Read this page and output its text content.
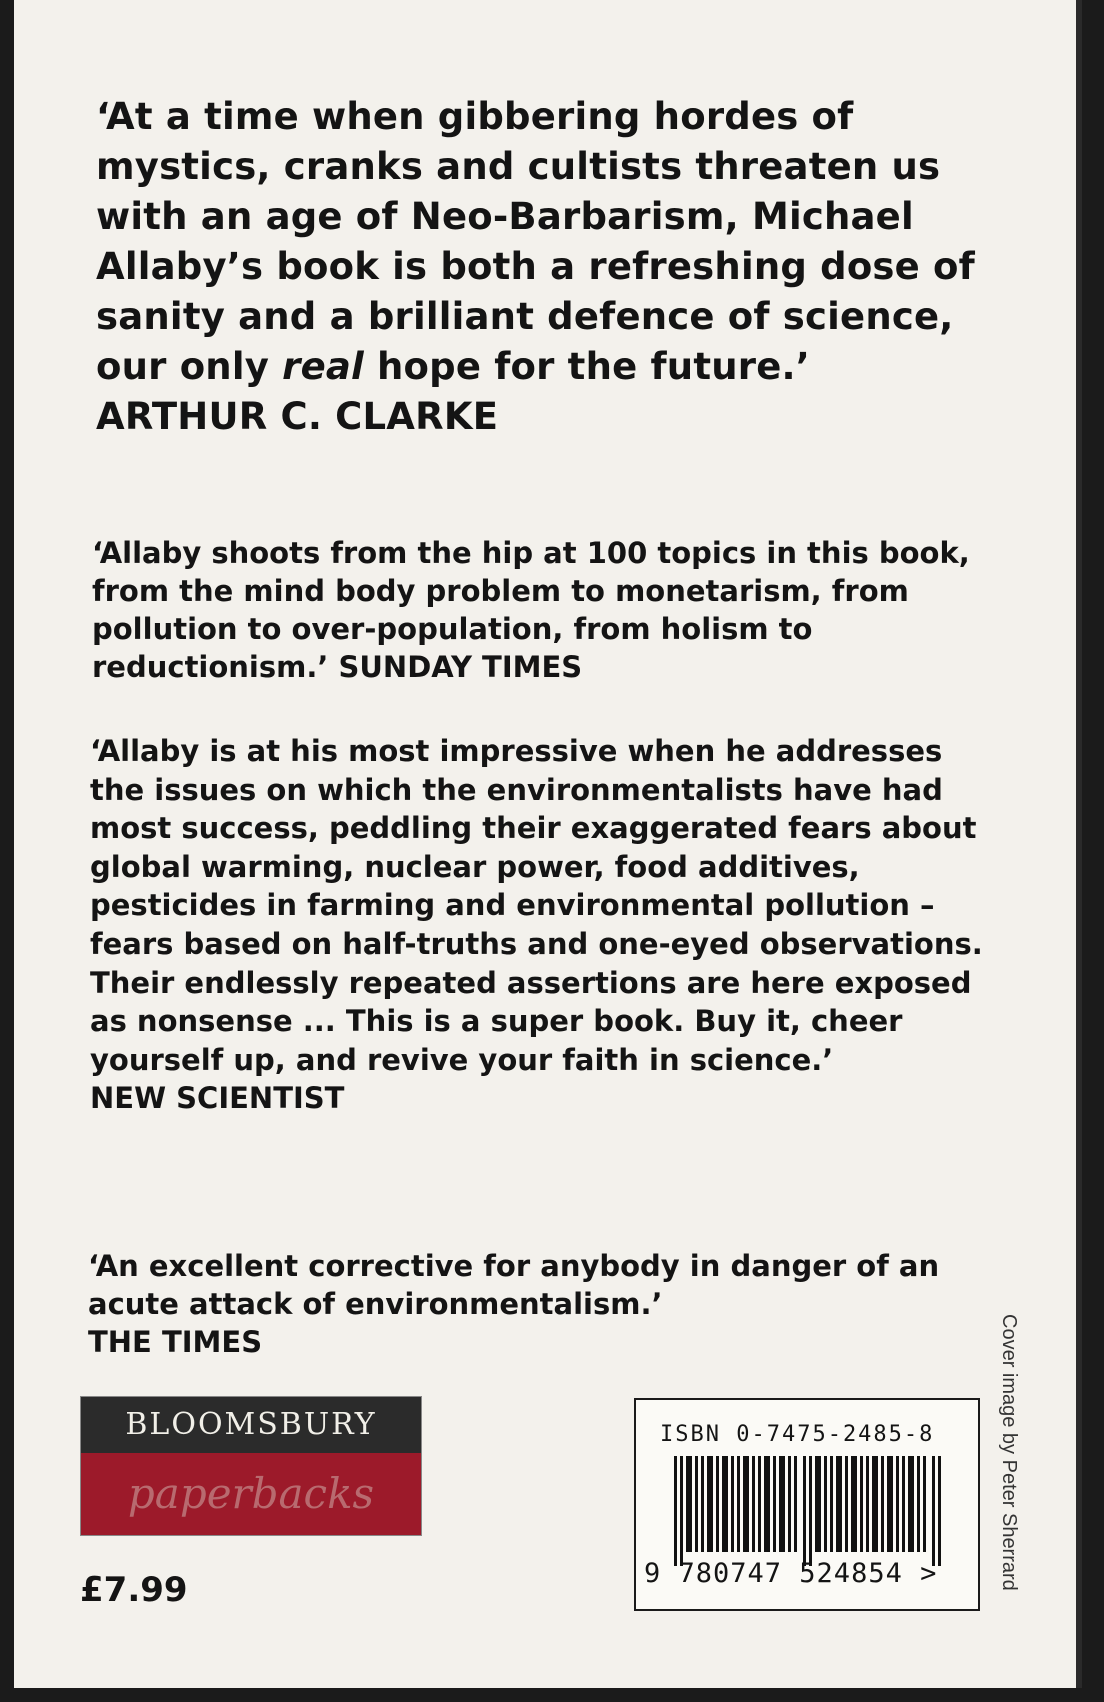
‘At a time when gibbering hordes of mystics, cranks and cultists threaten us with an age of Neo-Barbarism, Michael Allaby’s book is both a refreshing dose of sanity and a brilliant defence of science, our only real hope for the future.’
ARTHUR C. CLARKE

‘Allaby shoots from the hip at 100 topics in this book, from the mind body problem to monetarism, from pollution to over-population, from holism to reductionism.’ SUNDAY TIMES

‘Allaby is at his most impressive when he addresses the issues on which the environmentalists have had most success, peddling their exaggerated fears about global warming, nuclear power, food additives, pesticides in farming and environmental pollution – fears based on half-truths and one-eyed observations. Their endlessly repeated assertions are here exposed as nonsense ... This is a super book. Buy it, cheer yourself up, and revive your faith in science.’
NEW SCIENTIST

‘An excellent corrective for anybody in danger of an acute attack of environmentalism.’
THE TIMES

BLOOMSBURY
paperbacks
£7.99
ISBN 0-7475-2485-8
9 780747 524854 >	Cover image by Peter Sherrard
